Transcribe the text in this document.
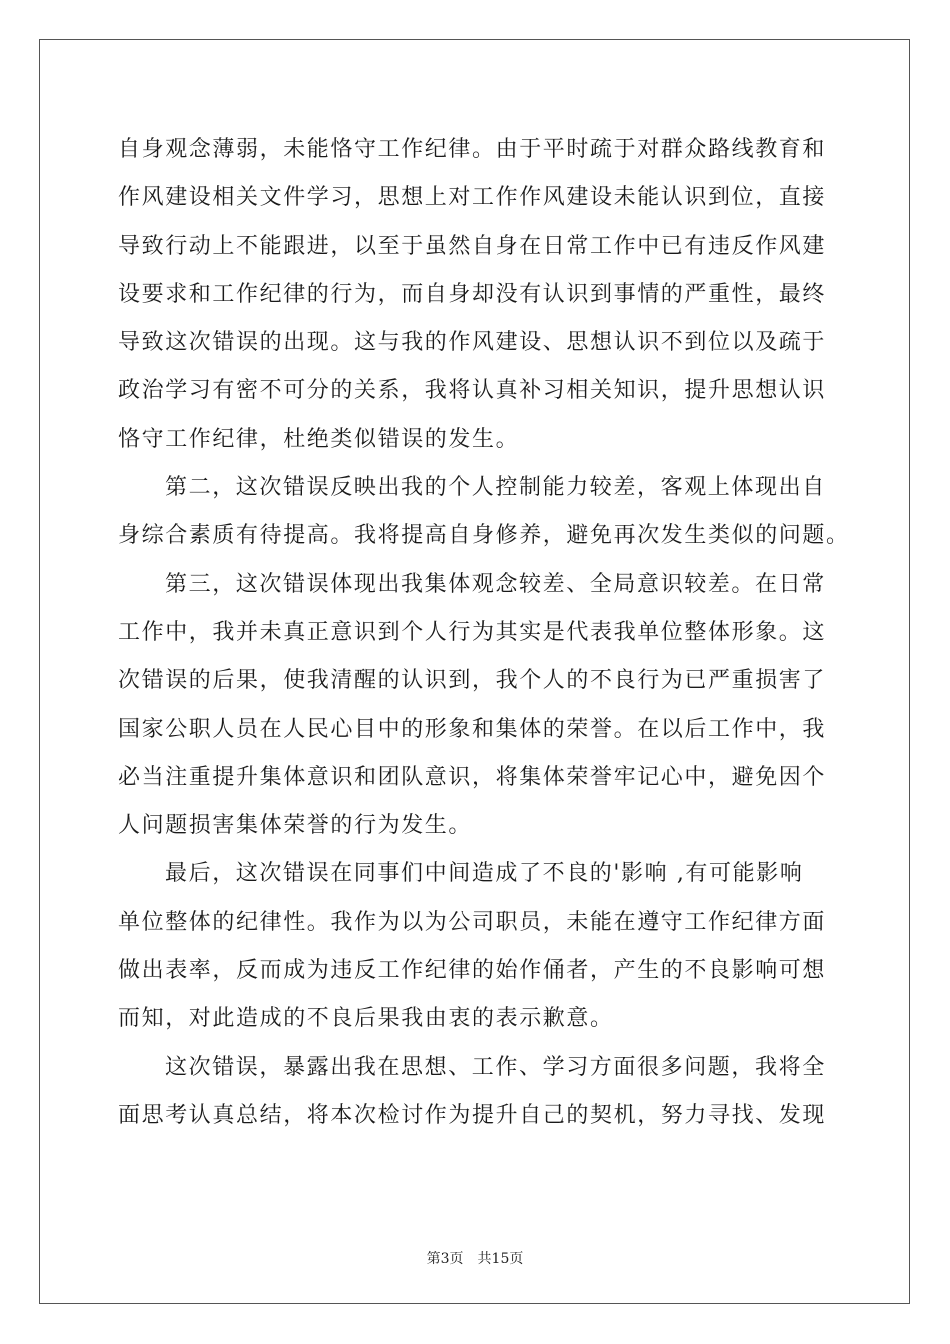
自身观念薄弱，未能恪守工作纪律。由于平时疏于对群众路线教育和
作风建设相关文件学习，思想上对工作作风建设未能认识到位，直接
导致行动上不能跟进，以至于虽然自身在日常工作中已有违反作风建
设要求和工作纪律的行为，而自身却没有认识到事情的严重性，最终
导致这次错误的出现。这与我的作风建设、思想认识不到位以及疏于
政治学习有密不可分的关系，我将认真补习相关知识，提升思想认识
恪守工作纪律，杜绝类似错误的发生。
第二，这次错误反映出我的个人控制能力较差，客观上体现出自
身综合素质有待提高。我将提高自身修养，避免再次发生类似的问题。
第三，这次错误体现出我集体观念较差、全局意识较差。在日常
工作中，我并未真正意识到个人行为其实是代表我单位整体形象。这
次错误的后果，使我清醒的认识到，我个人的不良行为已严重损害了
国家公职人员在人民心目中的形象和集体的荣誉。在以后工作中，我
必当注重提升集体意识和团队意识，将集体荣誉牢记心中，避免因个
人问题损害集体荣誉的行为发生。
最后，这次错误在同事们中间造成了不良的'影响 ,有可能影响
单位整体的纪律性。我作为以为公司职员，未能在遵守工作纪律方面
做出表率，反而成为违反工作纪律的始作俑者，产生的不良影响可想
而知，对此造成的不良后果我由衷的表示歉意。
这次错误，暴露出我在思想、工作、学习方面很多问题，我将全
面思考认真总结，将本次检讨作为提升自己的契机，努力寻找、发现
第3页 共15页
